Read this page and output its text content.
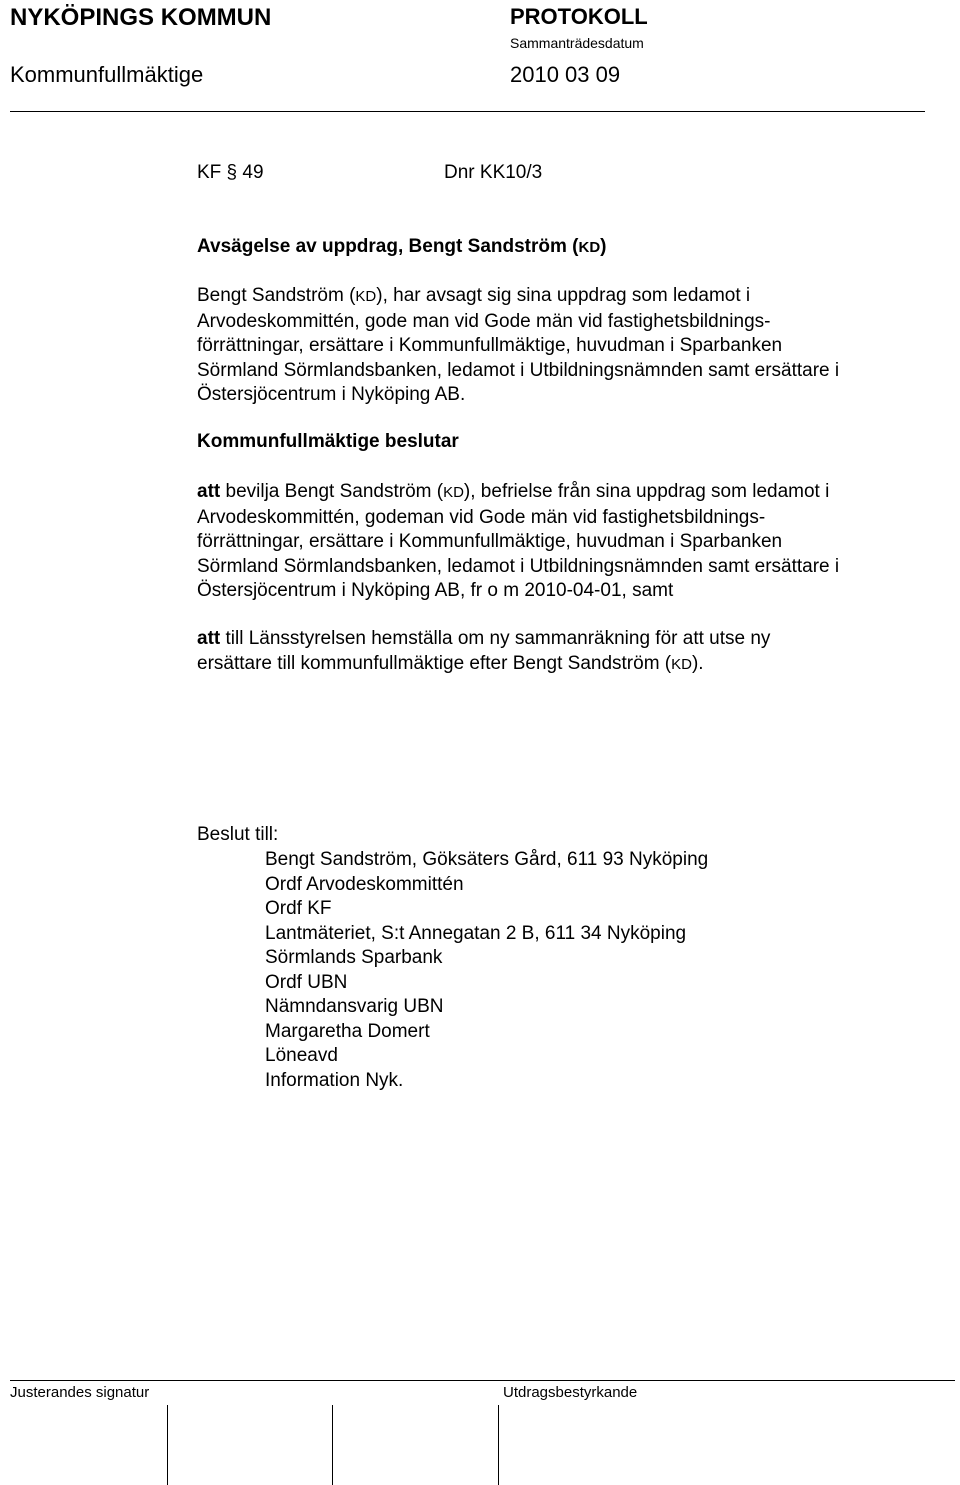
NYKÖPINGS KOMMUN	PROTOKOLL
Sammanträdesdatum
Kommunfullmäktige	2010 03 09
KF § 49	Dnr KK10/3
Avsägelse av uppdrag, Bengt Sandström (KD)
Bengt Sandström (KD), har avsagt sig sina uppdrag som ledamot i
Arvodeskommittén, gode man vid Gode män vid fastighetsbildnings-
förrättningar, ersättare i Kommunfullmäktige, huvudman i Sparbanken
Sörmland Sörmlandsbanken, ledamot i Utbildningsnämnden samt ersättare i
Östersjöcentrum i Nyköping AB.
Kommunfullmäktige beslutar
att bevilja Bengt Sandström (KD), befrielse från sina uppdrag som ledamot i
Arvodeskommittén, godeman vid Gode män vid fastighetsbildnings-
förrättningar, ersättare i Kommunfullmäktige, huvudman i Sparbanken
Sörmland Sörmlandsbanken, ledamot i Utbildningsnämnden samt ersättare i
Östersjöcentrum i Nyköping AB, fr o m 2010-04-01, samt
att till Länsstyrelsen hemställa om ny sammanräkning för att utse ny
ersättare till kommunfullmäktige efter Bengt Sandström (KD).
Beslut till:
Bengt Sandström, Göksäters Gård, 611 93 Nyköping
Ordf Arvodeskommittén
Ordf KF
Lantmäteriet, S:t Annegatan 2 B, 611 34 Nyköping
Sörmlands Sparbank
Ordf UBN
Nämndansvarig UBN
Margaretha Domert
Löneavd
Information Nyk.
Justerandes signatur	Utdragsbestyrkande
